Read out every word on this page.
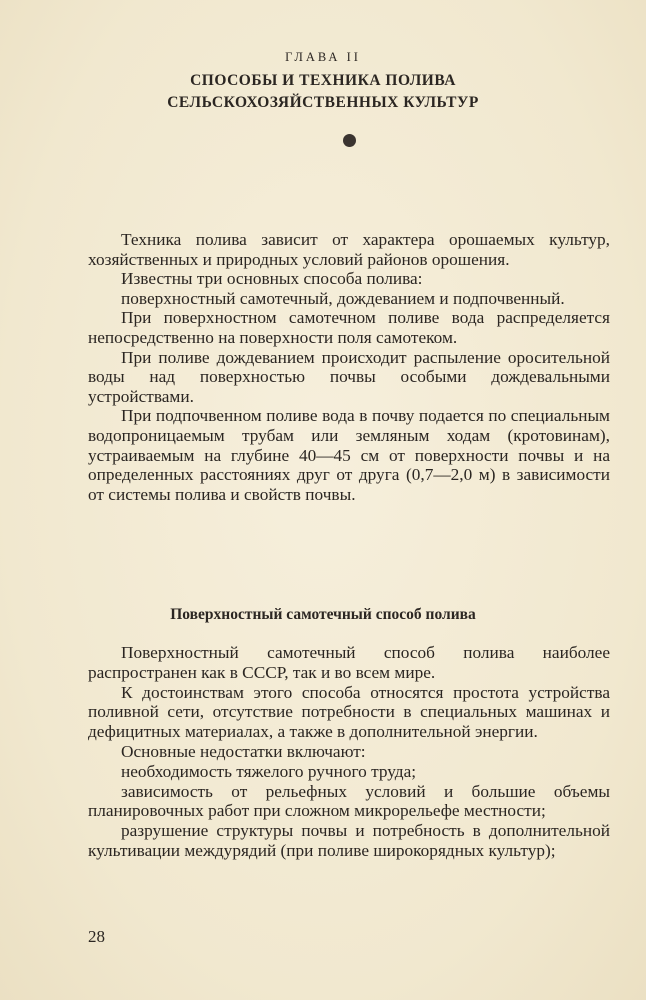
ГЛАВА II
СПОСОБЫ И ТЕХНИКА ПОЛИВА
СЕЛЬСКОХОЗЯЙСТВЕННЫХ КУЛЬТУР

Техника полива зависит от характера орошаемых культур, хозяйственных и природных условий районов орошения.

Известны три основных способа полива:

поверхностный самотечный, дождеванием и подпочвенный.

При поверхностном самотечном поливе вода распределяется непосредственно на поверхности поля самотеком.

При поливе дождеванием происходит распыление оросительной воды над поверхностью почвы особыми дождевальными устройствами.

При подпочвенном поливе вода в почву подается по специальным водопроницаемым трубам или земляным ходам (кротовинам), устраиваемым на глубине 40—45 см от поверхности почвы и на определенных расстояниях друг от друга (0,7—2,0 м) в зависимости от системы полива и свойств почвы.

Поверхностный самотечный способ полива

Поверхностный самотечный способ полива наиболее распространен как в СССР, так и во всем мире.

К достоинствам этого способа относятся простота устройства поливной сети, отсутствие потребности в специальных машинах и дефицитных материалах, а также в дополнительной энергии.

Основные недостатки включают:

необходимость тяжелого ручного труда;

зависимость от рельефных условий и большие объемы планировочных работ при сложном микрорельефе местности;

разрушение структуры почвы и потребность в дополнительной культивации междурядий (при поливе широкорядных культур);

28
